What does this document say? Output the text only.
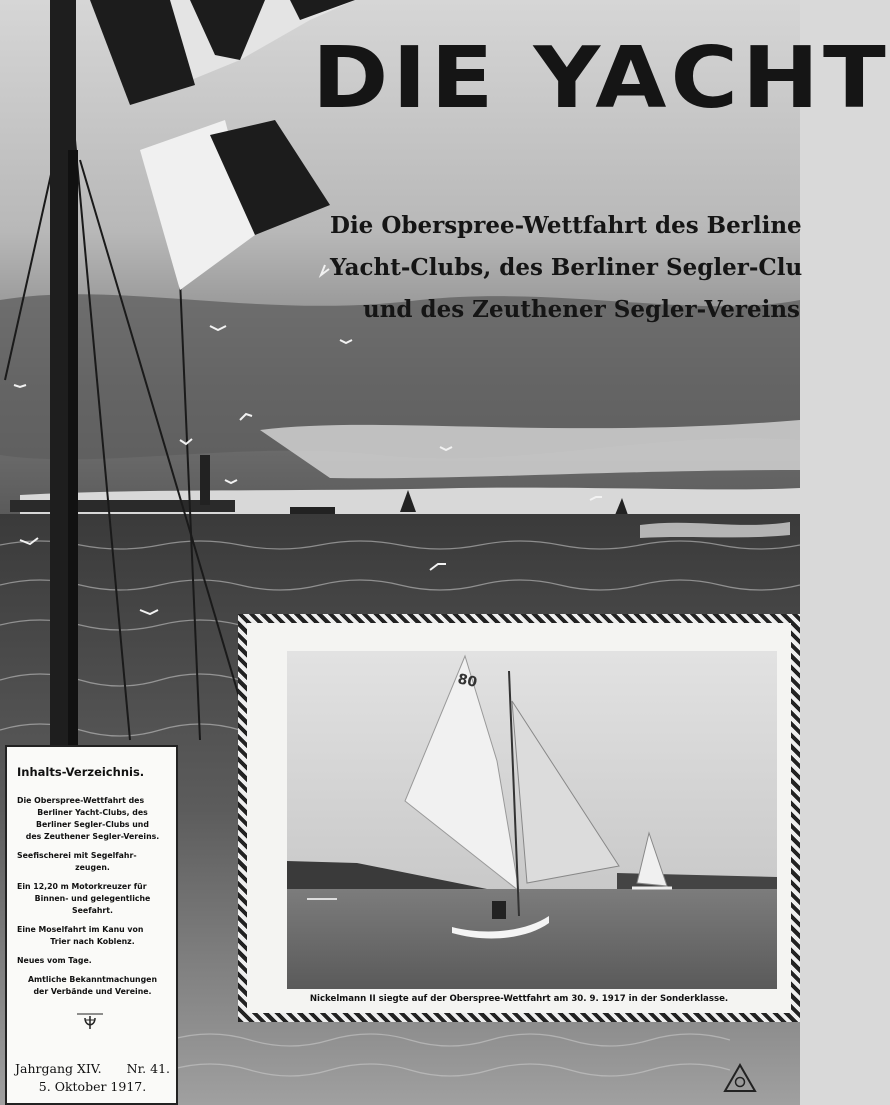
DIE YACHT
Die Oberspree-Wettfahrt des Berline
Yacht-Clubs, des Berliner Segler-Clu
und des Zeuthener Segler-Vereins
80
Nickelmann II siegte auf der Oberspree-Wettfahrt am 30. 9. 1917 in der Sonderklasse.
Inhalts-Verzeichnis.
Die Oberspree-Wettfahrt des
Berliner Yacht-Clubs, des
Berliner Segler-Clubs und
des Zeuthener Segler-Vereins.
Seefischerei mit Segelfahr-
zeugen.
Ein 12,20 m Motorkreuzer für
Binnen- und gelegentliche
Seefahrt.
Eine Moselfahrt im Kanu von
Trier nach Koblenz.
Neues vom Tage.
Amtliche Bekanntmachungen
der Verbände und Vereine.
Jahrgang XIV. Nr. 41.
5. Oktober 1917.
